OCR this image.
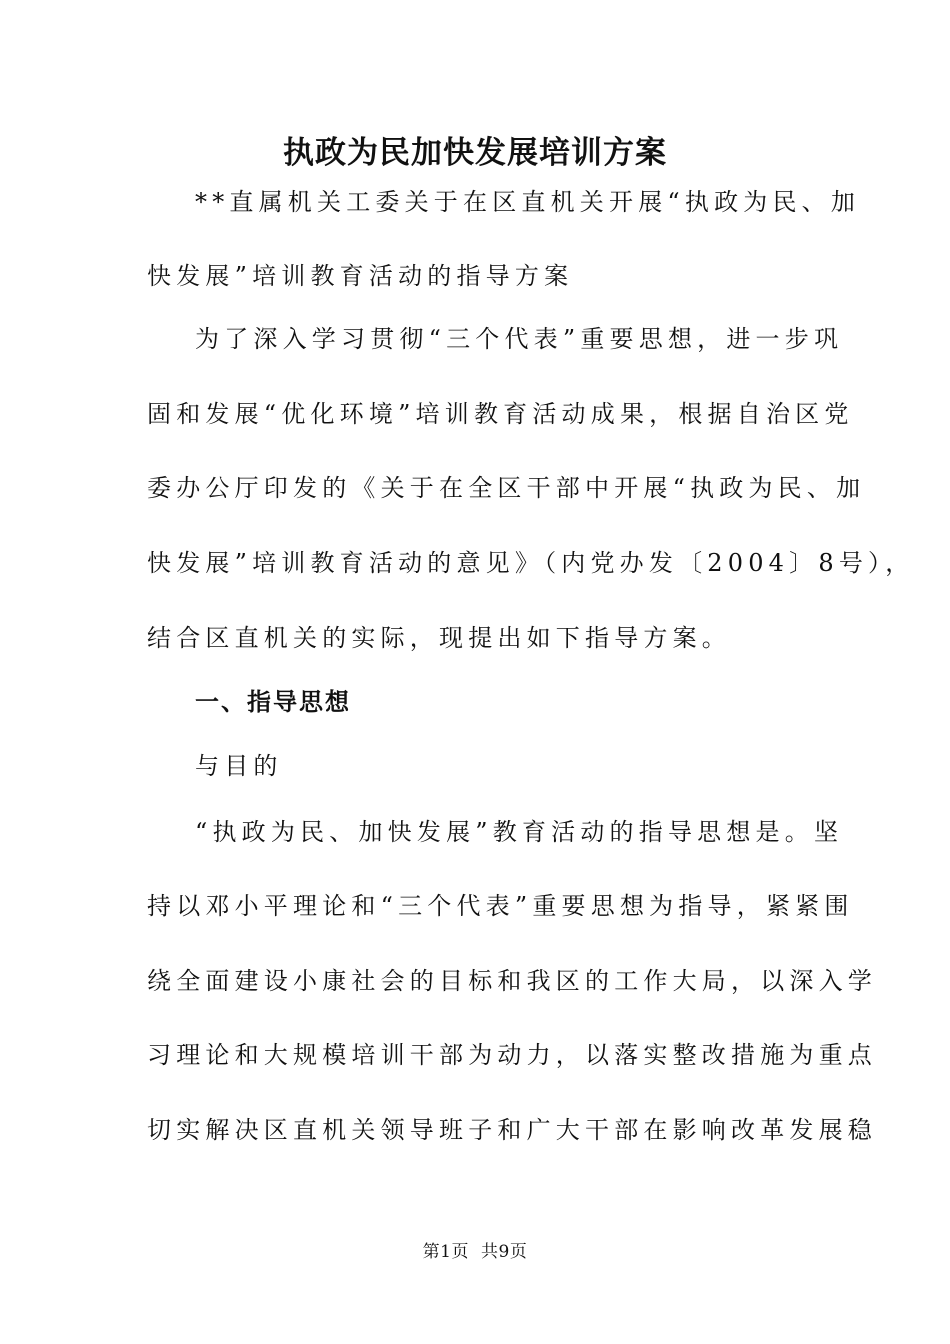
执政为民加快发展培训方案
**直属机关工委关于在区直机关开展“执政为民、加
快发展”培训教育活动的指导方案
为了深入学习贯彻“三个代表”重要思想，进一步巩
固和发展“优化环境”培训教育活动成果，根据自治区党
委办公厅印发的《关于在全区干部中开展“执政为民、加
快发展”培训教育活动的意见》（内党办发〔2004〕8号），
结合区直机关的实际，现提出如下指导方案。
一、指导思想
与目的
“执政为民、加快发展”教育活动的指导思想是。坚
持以邓小平理论和“三个代表”重要思想为指导，紧紧围
绕全面建设小康社会的目标和我区的工作大局，以深入学
习理论和大规模培训干部为动力，以落实整改措施为重点
切实解决区直机关领导班子和广大干部在影响改革发展稳
第1页 共9页
